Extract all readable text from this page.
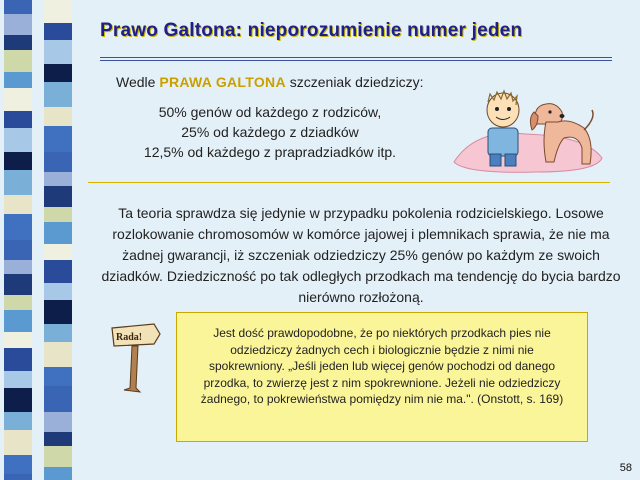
Prawo Galtona: nieporozumienie numer jeden
Wedle PRAWA GALTONA szczeniak dziedziczy:
50% genów od każdego z rodziców,
25% od każdego z dziadków
12,5% od każdego z prapradziadków itp.

Ta teoria sprawdza się jedynie w przypadku pokolenia rodzicielskiego. Losowe rozlokowanie chromosomów w komórce jajowej i plemnikach sprawia, że nie ma żadnej gwarancji, iż szczeniak odziedziczy 25% genów po każdym ze swoich dziadków. Dziedziczność po tak odległych przodkach ma tendencję do bycia bardzo nierówno rozłożoną.

Rada!	Jest dość prawdopodobne, że po niektórych przodkach pies nie odziedziczy żadnych cech i biologicznie będzie z nimi nie spokrewniony. „Jeśli jeden lub więcej genów pochodzi od danego przodka, to zwierzę jest z nim spokrewnione. Jeżeli nie odziedziczy żadnego, to pokrewieństwa pomiędzy nim nie ma.". (Onstott, s. 169)
58
